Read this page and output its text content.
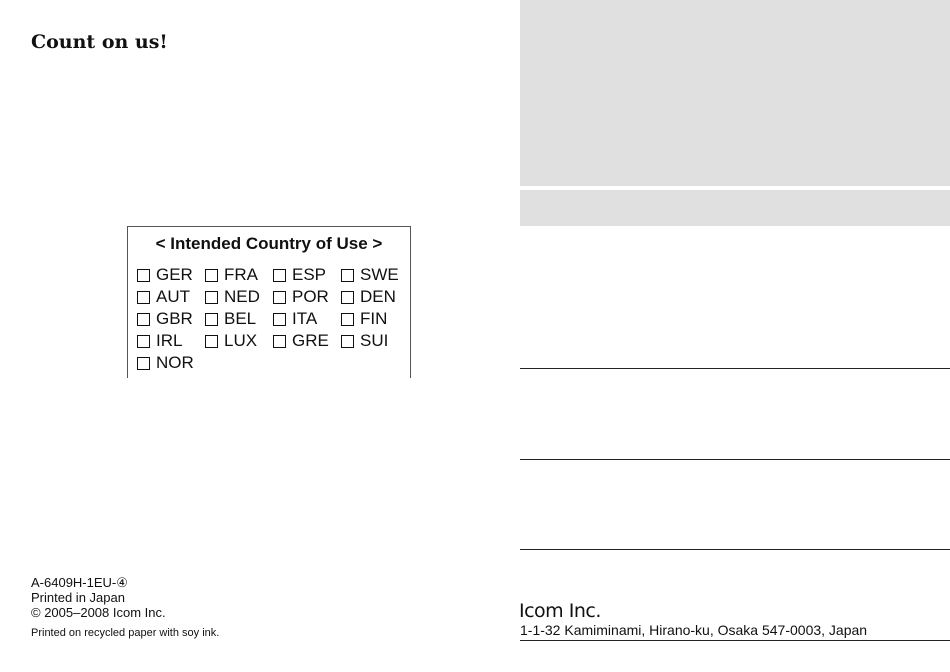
Count on us!
< Intended Country of Use >
GER FRA ESP SWE
AUT NED POR DEN
GBR BEL ITA	FIN
IRL LUX GRE SUI
NOR
A-6409H-1EU-④
Printed in Japan
© 2005–2008 Icom Inc.
Printed on recycled paper with soy ink.
Icom Inc.
1-1-32 Kamiminami, Hirano-ku, Osaka 547-0003, Japan
